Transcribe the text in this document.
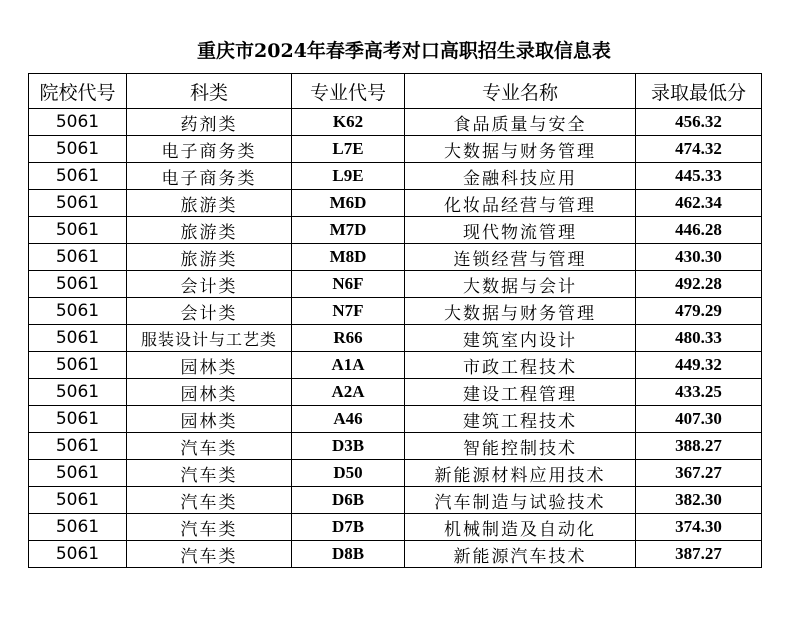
重庆市2024年春季高考对口高职招生录取信息表
院校代号	科类	专业代号	专业名称	录取最低分
5061	药剂类	K62	食品质量与安全	456.32
5061	电子商务类	L7E	大数据与财务管理	474.32
5061	电子商务类	L9E	金融科技应用	445.33
5061	旅游类	M6D	化妆品经营与管理	462.34
5061	旅游类	M7D	现代物流管理	446.28
5061	旅游类	M8D	连锁经营与管理	430.30
5061	会计类	N6F	大数据与会计	492.28
5061	会计类	N7F	大数据与财务管理	479.29
5061	服装设计与工艺类	R66	建筑室内设计	480.33
5061	园林类	A1A	市政工程技术	449.32
5061	园林类	A2A	建设工程管理	433.25
5061	园林类	A46	建筑工程技术	407.30
5061	汽车类	D3B	智能控制技术	388.27
5061	汽车类	D50	新能源材料应用技术	367.27
5061	汽车类	D6B	汽车制造与试验技术	382.30
5061	汽车类	D7B	机械制造及自动化	374.30
5061	汽车类	D8B	新能源汽车技术	387.27
